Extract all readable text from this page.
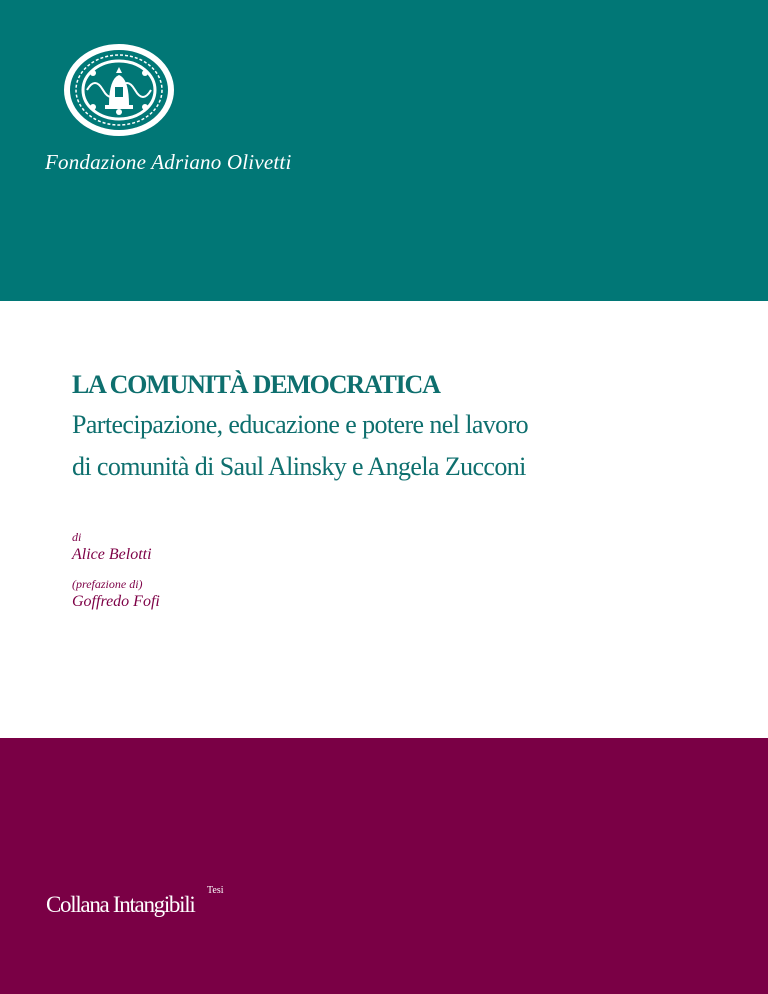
Fondazione Adriano Olivetti
LA COMUNITÀ DEMOCRATICA
Partecipazione, educazione e potere nel lavoro
di comunità di Saul Alinsky e Angela Zucconi
di
Alice Belotti
(prefazione di)
Goffredo Fofi
Collana Intangibili
Tesi
